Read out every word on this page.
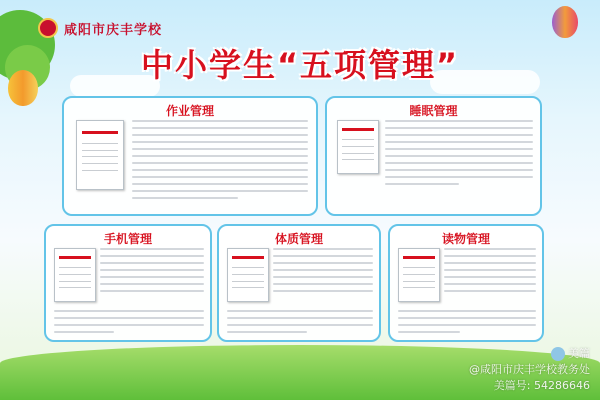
咸阳市庆丰学校
中小学生“五项管理”
作业管理	睡眠管理
手机管理	体质管理	读物管理
美篇
@咸阳市庆丰学校教务处
美篇号: 54286646
